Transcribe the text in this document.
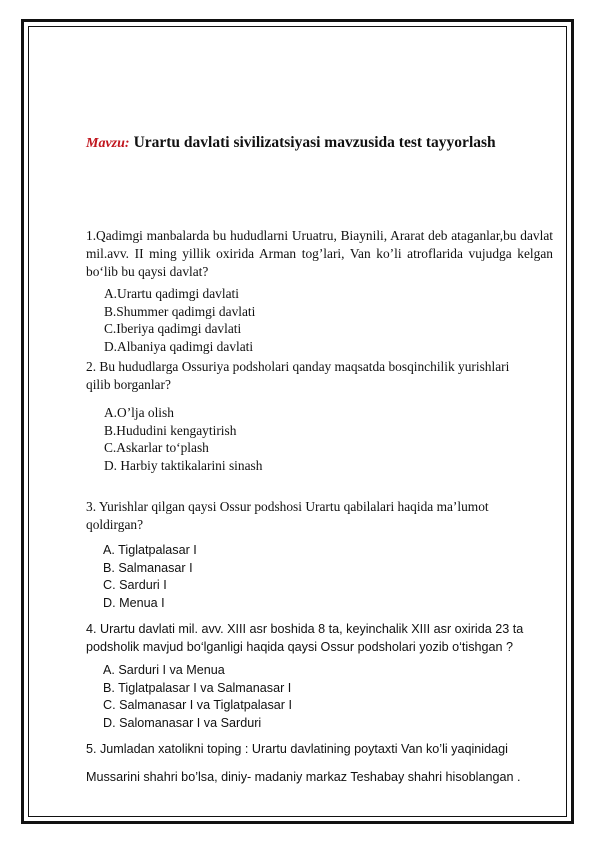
Mavzu: Urartu davlati sivilizatsiyasi mavzusida test tayyorlash

1.Qadimgi manbalarda bu hududlarni Uruatru, Biaynili, Ararat deb ataganlar,bu davlat mil.avv. II ming yillik oxirida Arman tog’lari, Van ko’li atroflarida vujudga kelgan bo‘lib bu qaysi davlat?

A.Urartu qadimgi davlati
B.Shummer qadimgi davlati
C.Iberiya qadimgi davlati
D.Albaniya qadimgi davlati

2. Bu hududlarga Ossuriya podsholari qanday maqsatda bosqinchilik yurishlari qilib borganlar?

A.O’lja olish
B.Hududini kengaytirish
C.Askarlar to‘plash
D. Harbiy taktikalarini sinash

3. Yurishlar qilgan qaysi Ossur podshosi Urartu qabilalari haqida ma’lumot qoldirgan?

A. Tiglatpalasar I
B. Salmanasar I
C. Sarduri I
D. Menua I

4. Urartu davlati mil. avv. XIII asr boshida 8 ta, keyinchalik XIII asr oxirida 23 ta podsholik mavjud bo‘lganligi haqida qaysi Ossur podsholari yozib o‘tishgan ?

A. Sarduri I va Menua
B. Tiglatpalasar I va Salmanasar I
C. Salmanasar I va Tiglatpalasar I
D. Salomanasar I va Sarduri

5. Jumladan xatolikni toping : Urartu davlatining poytaxti Van ko’li yaqinidagi

Mussarini shahri bo’lsa, diniy- madaniy markaz Teshabay shahri hisoblangan .
